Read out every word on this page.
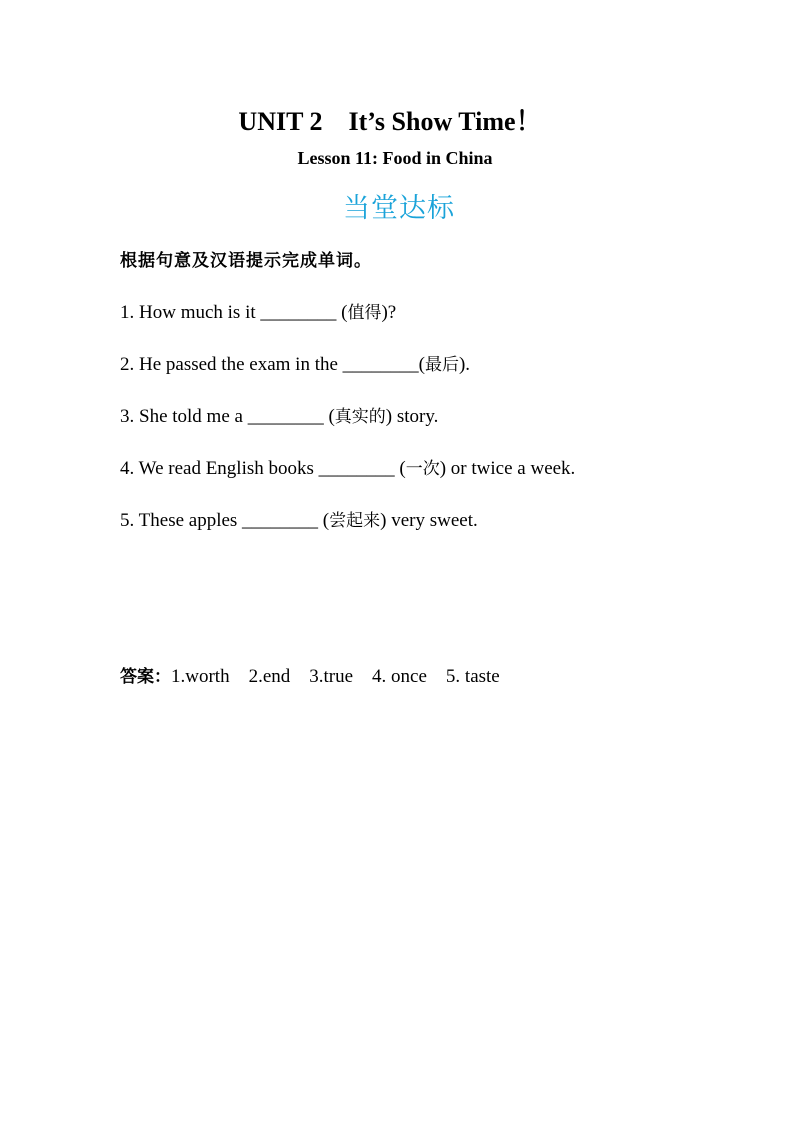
UNIT 2    It’s Show Time！
Lesson 11: Food in China
当堂达标
根据句意及汉语提示完成单词。
1. How much is it ________ (值得)?
2. He passed the exam in the ________(最后).
3. She told me a ________ (真实的) story.
4. We read English books ________ (一次) or twice a week.
5. These apples ________ (尝起来) very sweet.
答案：1.worth    2.end    3.true    4. once    5. taste
